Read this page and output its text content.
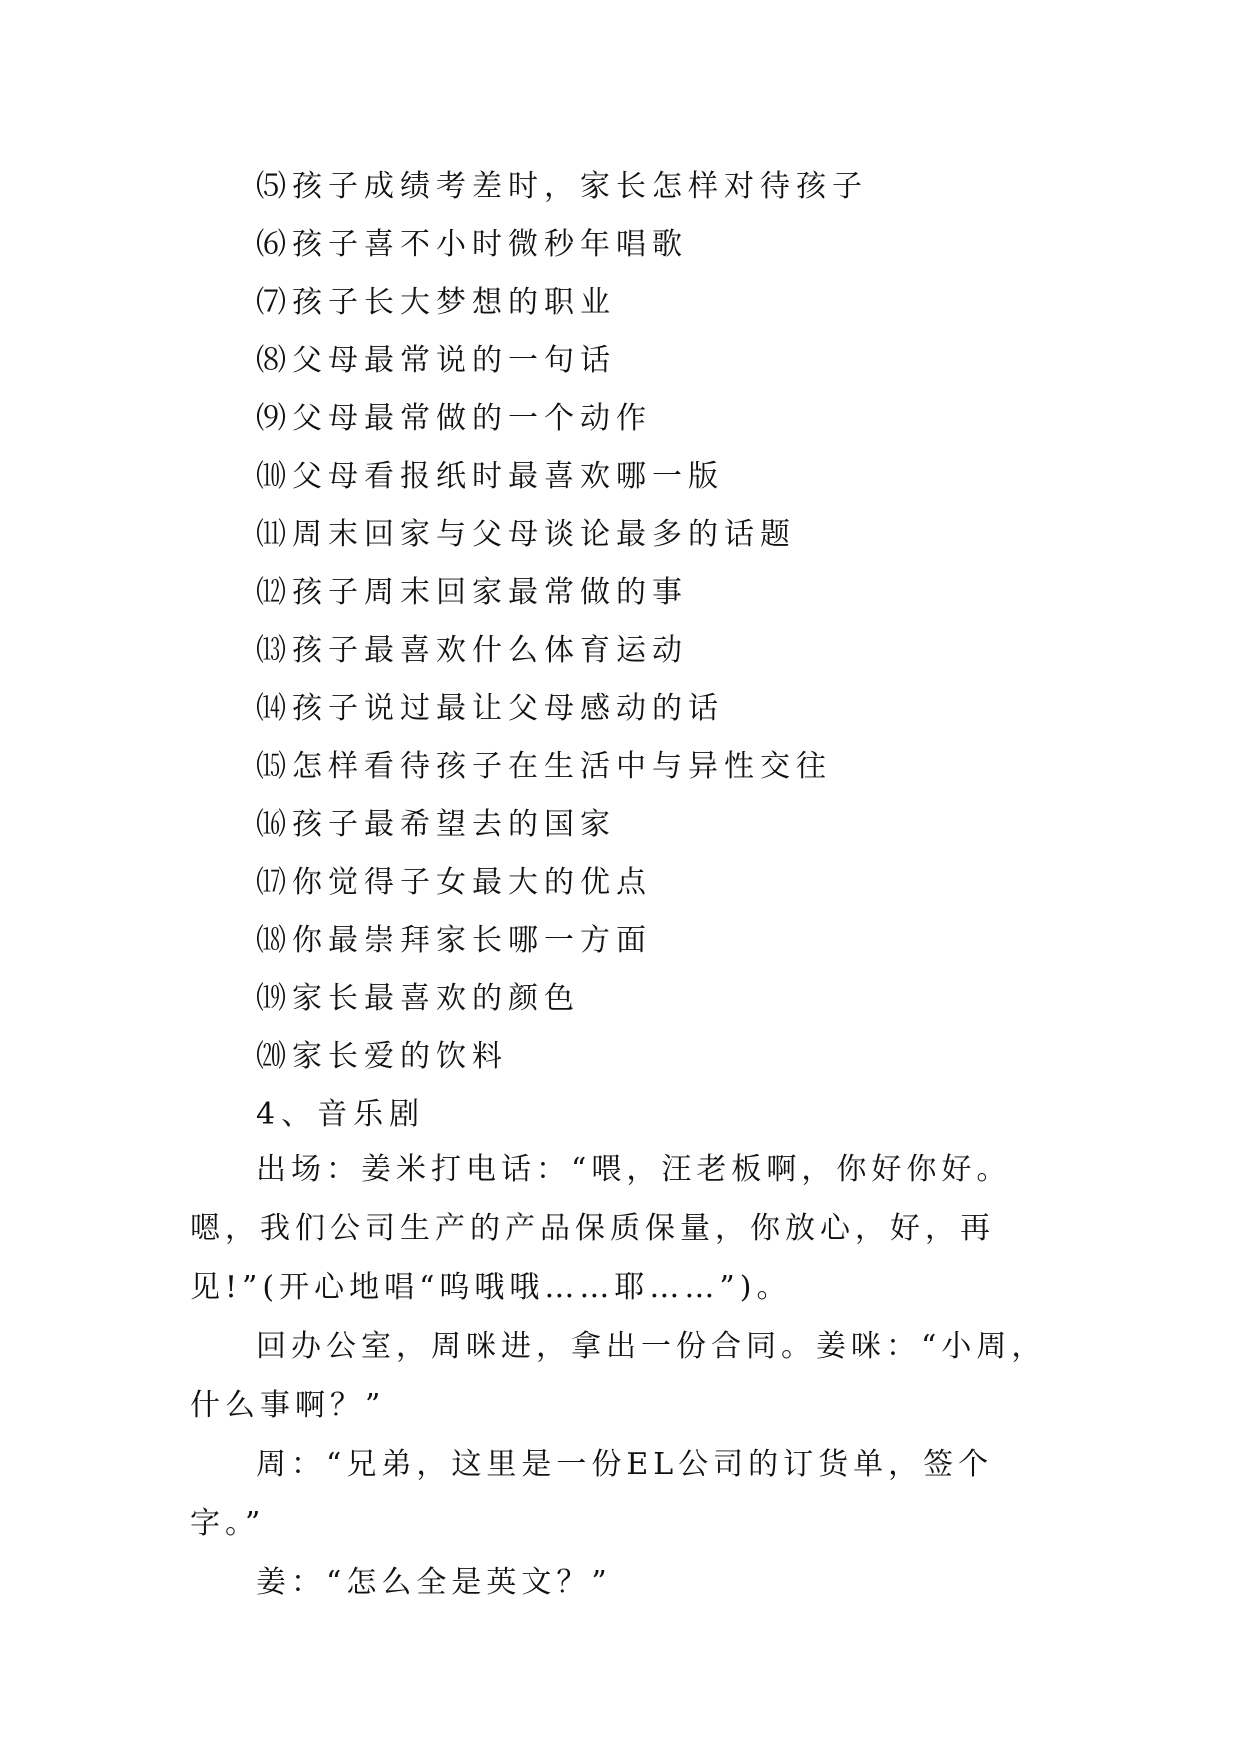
⑸孩子成绩考差时，家长怎样对待孩子
⑹孩子喜不小时微秒年唱歌
⑺孩子长大梦想的职业
⑻父母最常说的一句话
⑼父母最常做的一个动作
⑽父母看报纸时最喜欢哪一版
⑾周末回家与父母谈论最多的话题
⑿孩子周末回家最常做的事
⒀孩子最喜欢什么体育运动
⒁孩子说过最让父母感动的话
⒂怎样看待孩子在生活中与异性交往
⒃孩子最希望去的国家
⒄你觉得子女最大的优点
⒅你最崇拜家长哪一方面
⒆家长最喜欢的颜色
⒇家长爱的饮料
4、音乐剧

出场：姜米打电话：“喂，汪老板啊，你好你好。嗯，我们公司生产的产品保质保量，你放心，好，再见!”(开心地唱“呜哦哦……耶……”)。

回办公室，周咪进，拿出一份合同。姜咪：“小周，什么事啊？”

周：“兄弟，这里是一份EL公司的订货单，签个字。”

姜：“怎么全是英文？”
